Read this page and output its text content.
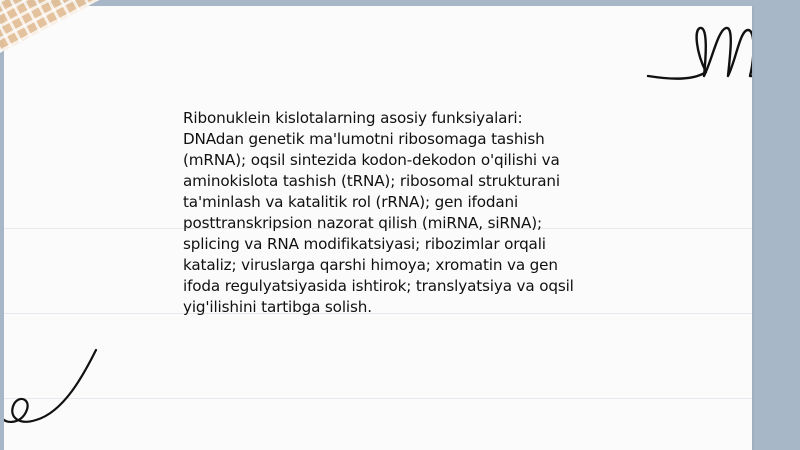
Ribonuklein kislotalarning asosiy funksiyalari:
DNAdan genetik ma'lumotni ribosomaga tashish
(mRNA); oqsil sintezida kodon-dekodon o'qilishi va
aminokislota tashish (tRNA); ribosomal strukturani
ta'minlash va katalitik rol (rRNA); gen ifodani
posttranskripsion nazorat qilish (miRNA, siRNA);
splicing va RNA modifikatsiyasi; ribozimlar orqali
kataliz; viruslarga qarshi himoya; xromatin va gen
ifoda regulyatsiyasida ishtirok; translyatsiya va oqsil
yig'ilishini tartibga solish.
